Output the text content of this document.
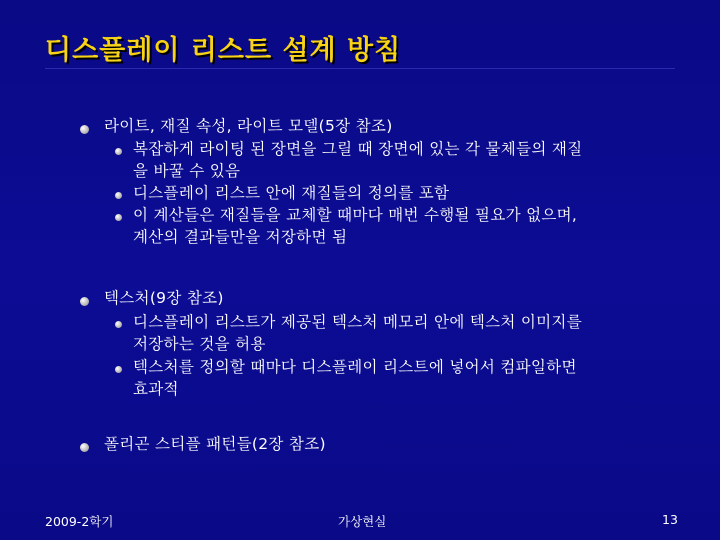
디스플레이 리스트 설계 방침
라이트, 재질 속성, 라이트 모델(5장 참조)
복잡하게 라이팅 된 장면을 그릴 때 장면에 있는 각 물체들의 재질
을 바꿀 수 있음
디스플레이 리스트 안에 재질들의 정의를 포함
이 계산들은 재질들을 교체할 때마다 매번 수행될 필요가 없으며,
계산의 결과들만을 저장하면 됨
텍스처(9장 참조)
디스플레이 리스트가 제공된 텍스처 메모리 안에 텍스처 이미지를
저장하는 것을 허용
텍스처를 정의할 때마다 디스플레이 리스트에 넣어서 컴파일하면
효과적
폴리곤 스티플 패턴들(2장 참조)
2009-2학기	가상현실	13
